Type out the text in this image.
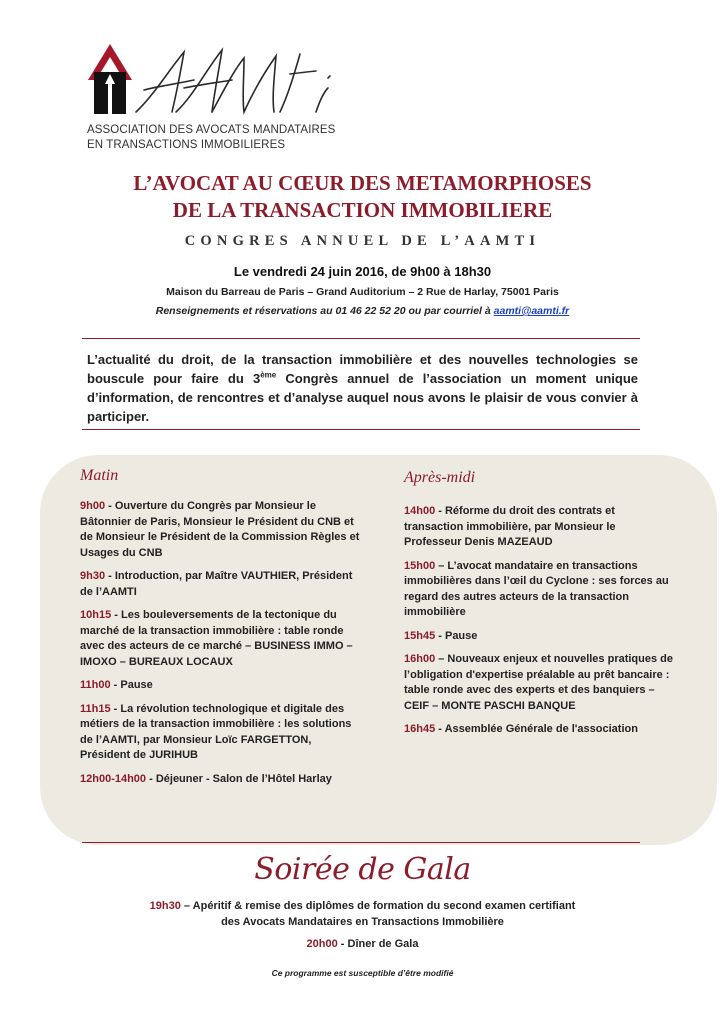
ASSOCIATION DES AVOCATS MANDATAIRES
EN TRANSACTIONS IMMOBILIERES
L’AVOCAT AU CŒUR DES METAMORPHOSES
DE LA TRANSACTION IMMOBILIERE
CONGRES ANNUEL DE L’AAMTI
Le vendredi 24 juin 2016, de 9h00 à 18h30
Maison du Barreau de Paris – Grand Auditorium – 2 Rue de Harlay, 75001 Paris
Renseignements et réservations au 01 46 22 52 20 ou par courriel à aamti@aamti.fr
L’actualité du droit, de la transaction immobilière et des nouvelles technologies se bouscule pour faire du 3ème Congrès annuel de l’association un moment unique d’information, de rencontres et d’analyse auquel nous avons le plaisir de vous convier à participer.
Matin	Après-midi
9h00 - Ouverture du Congrès par Monsieur le Bâtonnier de Paris, Monsieur le Président du CNB et de Monsieur le Président de la Commission Règles et Usages du CNB
9h30 - Introduction, par Maître VAUTHIER, Président de l’AAMTI
10h15 - Les bouleversements de la tectonique du marché de la transaction immobilière : table ronde avec des acteurs de ce marché – BUSINESS IMMO – IMOXO – BUREAUX LOCAUX
11h00 - Pause
11h15 - La révolution technologique et digitale des métiers de la transaction immobilière : les solutions de l’AAMTI, par Monsieur Loïc FARGETTON, Président de JURIHUB
12h00-14h00 - Déjeuner - Salon de l’Hôtel Harlay
14h00 - Réforme du droit des contrats et transaction immobilière, par Monsieur le Professeur Denis MAZEAUD
15h00 – L’avocat mandataire en transactions immobilières dans l’œil du Cyclone : ses forces au regard des autres acteurs de la transaction immobilière
15h45 - Pause
16h00 – Nouveaux enjeux et nouvelles pratiques de l’obligation d'expertise préalable au prêt bancaire : table ronde avec des experts et des banquiers – CEIF – MONTE PASCHI BANQUE
16h45 - Assemblée Générale de l'association
Soirée de Gala
19h30 – Apéritif & remise des diplômes de formation du second examen certifiant
des Avocats Mandataires en Transactions Immobilière
20h00 - Dîner de Gala
Ce programme est susceptible d’être modifié
